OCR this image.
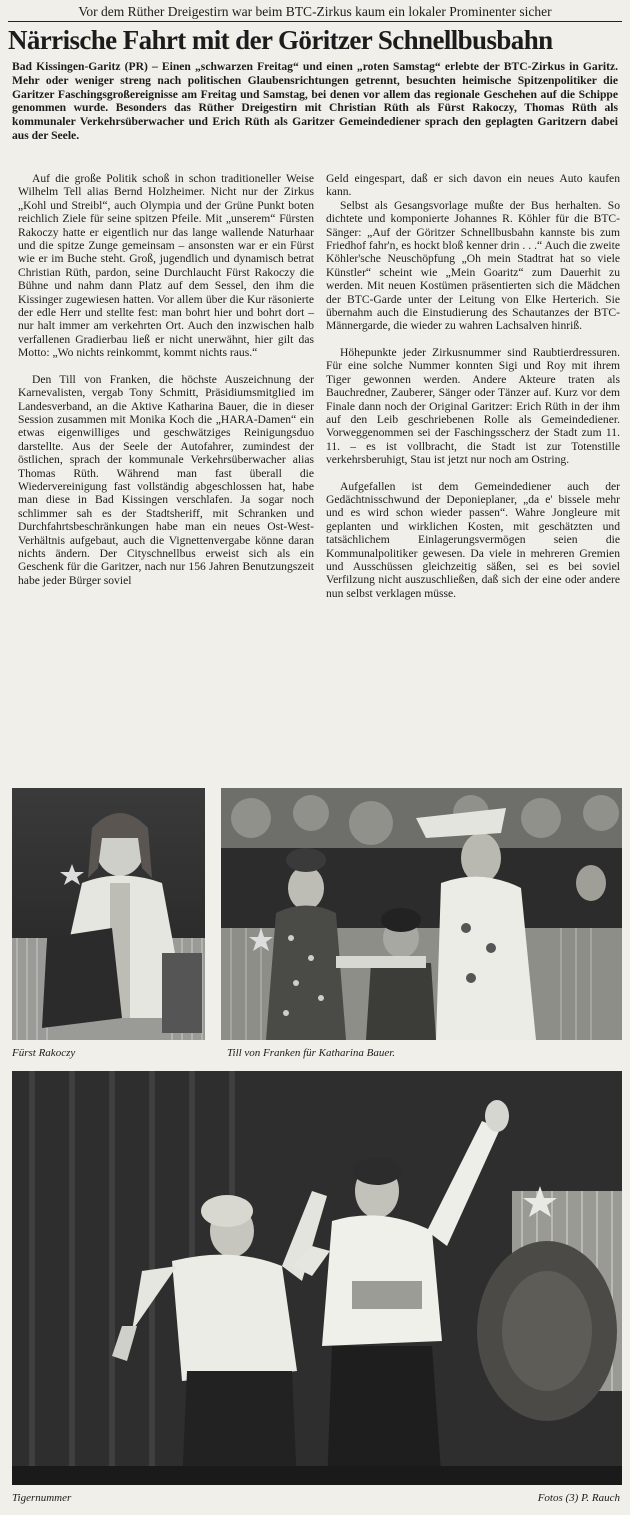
Vor dem Rüther Dreigestirn war beim BTC-Zirkus kaum ein lokaler Prominenter sicher
Närrische Fahrt mit der Göritzer Schnellbusbahn
Bad Kissingen-Garitz (PR) – Einen „schwarzen Freitag“ und einen „roten Samstag“ erlebte der BTC-Zirkus in Garitz. Mehr oder weniger streng nach politischen Glaubensrichtungen getrennt, besuchten heimische Spitzenpolitiker die Garitzer Faschingsgroßereignisse am Freitag und Samstag, bei denen vor allem das regionale Geschehen auf die Schippe genommen wurde. Besonders das Rüther Dreigestirn mit Christian Rüth als Fürst Rakoczy, Thomas Rüth als kommunaler Verkehrsüberwacher und Erich Rüth als Garitzer Gemeindediener sprach den geplagten Garitzern dabei aus der Seele.

Auf die große Politik schoß in schon traditioneller Weise Wilhelm Tell alias Bernd Holzheimer. Nicht nur der Zirkus „Kohl und Streibl“, auch Olympia und der Grüne Punkt boten reichlich Ziele für seine spitzen Pfeile. Mit „unserem“ Fürsten Rakoczy hatte er eigentlich nur das lange wallende Naturhaar und die spitze Zunge gemeinsam – ansonsten war er ein Fürst wie er im Buche steht. Groß, jugendlich und dynamisch betrat Christian Rüth, pardon, seine Durchlaucht Fürst Rakoczy die Bühne und nahm dann Platz auf dem Sessel, den ihm die Kissinger zugewiesen hatten. Vor allem über die Kur räsonierte der edle Herr und stellte fest: man bohrt hier und bohrt dort – nur halt immer am verkehrten Ort. Auch den inzwischen halb verfallenen Gradierbau ließ er nicht unerwähnt, hier gilt das Motto: „Wo nichts reinkommt, kommt nichts raus.“

Den Till von Franken, die höchste Auszeichnung der Karnevalisten, vergab Tony Schmitt, Präsidiumsmitglied im Landesverband, an die Aktive Katharina Bauer, die in dieser Session zusammen mit Monika Koch die „HARA-Damen“ ein etwas eigenwilliges und geschwätziges Reinigungsduo darstellte. Aus der Seele der Autofahrer, zumindest der östlichen, sprach der kommunale Verkehrsüberwacher alias Thomas Rüth. Während man fast überall die Wiedervereinigung fast vollständig abgeschlossen hat, habe man diese in Bad Kissingen verschlafen. Ja sogar noch schlimmer sah es der Stadtsheriff, mit Schranken und Durchfahrtsbeschränkungen habe man ein neues Ost-West-Verhältnis aufgebaut, auch die Vignettenvergabe könne daran nichts ändern. Der Cityschnellbus erweist sich als ein Geschenk für die Garitzer, nach nur 156 Jahren Benutzungszeit habe jeder Bürger soviel

Geld eingespart, daß er sich davon ein neues Auto kaufen kann.

Selbst als Gesangsvorlage mußte der Bus herhalten. So dichtete und komponierte Johannes R. Köhler für die BTC-Sänger: „Auf der Göritzer Schnellbusbahn kannste bis zum Friedhof fahr'n, es hockt bloß kenner drin . . .“ Auch die zweite Köhler'sche Neuschöpfung „Oh mein Stadtrat hat so viele Künstler“ scheint wie „Mein Goaritz“ zum Dauerhit zu werden. Mit neuen Kostümen präsentierten sich die Mädchen der BTC-Garde unter der Leitung von Elke Herterich. Sie übernahm auch die Einstudierung des Schautanzes der BTC-Männergarde, die wieder zu wahren Lachsalven hinriß.

Höhepunkte jeder Zirkusnummer sind Raubtierdressuren. Für eine solche Nummer konnten Sigi und Roy mit ihrem Tiger gewonnen werden. Andere Akteure traten als Bauchredner, Zauberer, Sänger oder Tänzer auf. Kurz vor dem Finale dann noch der Original Garitzer: Erich Rüth in der ihm auf den Leib geschriebenen Rolle als Gemeindediener. Vorweggenommen sei der Faschingsscherz der Stadt zum 11. 11. – es ist vollbracht, die Stadt ist zur Totenstille verkehrsberuhigt, Stau ist jetzt nur noch am Ostring.

Aufgefallen ist dem Gemeindediener auch der Gedächtnisschwund der Deponieplaner, „da e' bissele mehr und es wird schon wieder passen“. Wahre Jongleure mit geplanten und wirklichen Kosten, mit geschätzten und tatsächlichem Einlagerungsvermögen seien die Kommunalpolitiker gewesen. Da viele in mehreren Gremien und Ausschüssen gleichzeitig säßen, sei es bei soviel Verfilzung nicht auszuschließen, daß sich der eine oder andere nun selbst verklagen müsse.

Fürst Rakoczy	Till von Franken für Katharina Bauer.
Tigernummer	Fotos (3) P. Rauch
